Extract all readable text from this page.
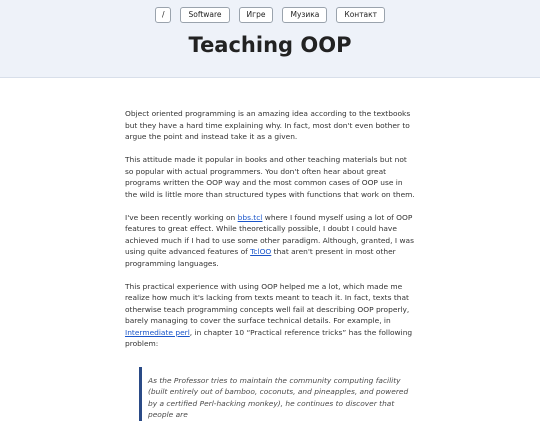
/	Software	Игре	Музика	Контакт
Teaching OOP

Object oriented programming is an amazing idea according to the textbooks but they have a hard time explaining why. In fact, most don't even bother to argue the point and instead take it as a given.

This attitude made it popular in books and other teaching materials but not so popular with actual programmers. You don't often hear about great programs written the OOP way and the most common cases of OOP use in the wild is little more than structured types with functions that work on them.

I've been recently working on bbs.tcl where I found myself using a lot of OOP features to great effect. While theoretically possible, I doubt I could have achieved much if I had to use some other paradigm. Although, granted, I was using quite advanced features of TclOO that aren't present in most other programming languages.

This practical experience with using OOP helped me a lot, which made me realize how much it's lacking from texts meant to teach it. In fact, texts that otherwise teach programming concepts well fail at describing OOP properly, barely managing to cover the surface technical details. For example, in Intermediate perl, in chapter 10 “Practical reference tricks” has the following problem:

As the Professor tries to maintain the community computing facility (built entirely out of bamboo, coconuts, and pineapples, and powered by a certified Perl-hacking monkey), he continues to discover that people are
